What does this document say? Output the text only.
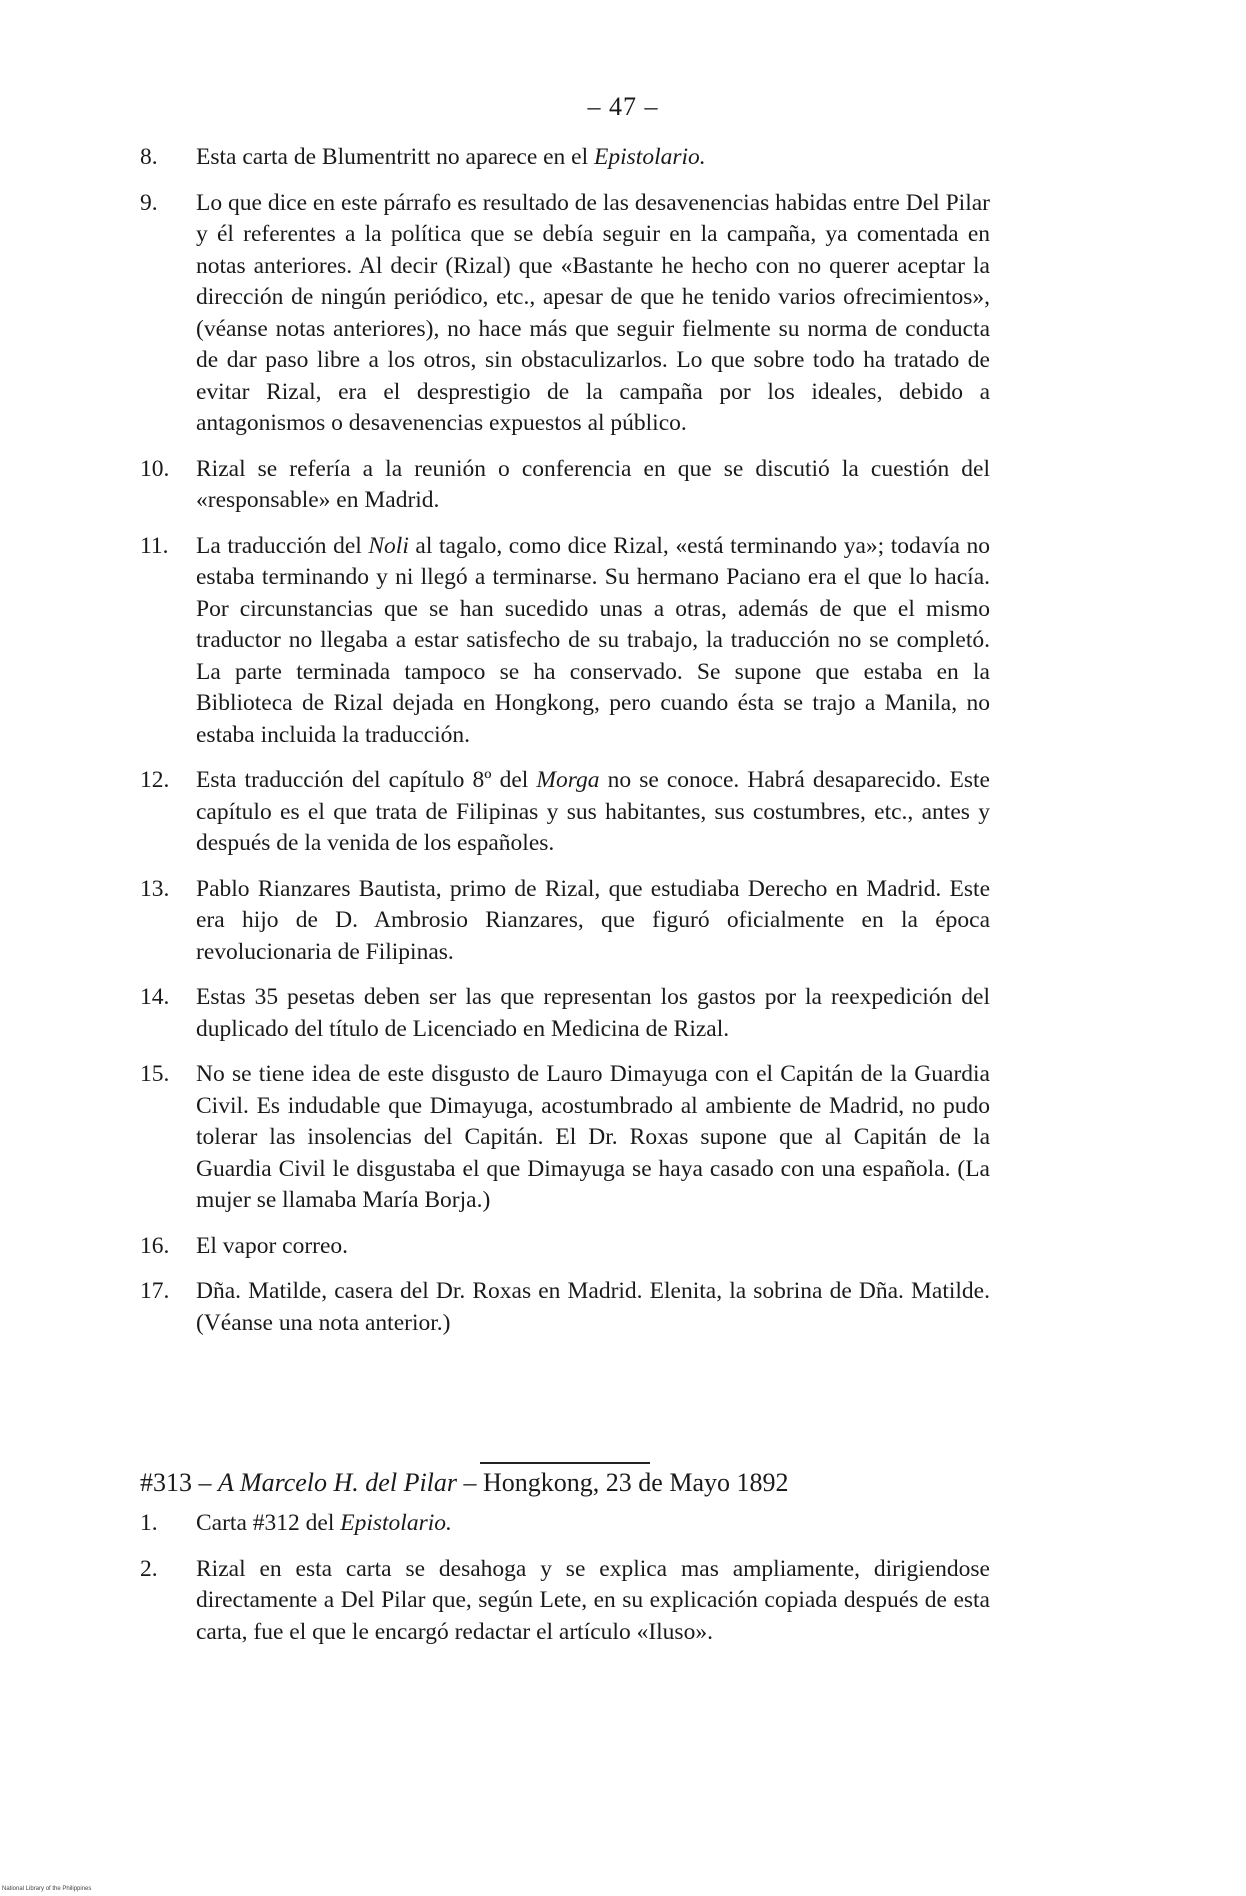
– 47 –
8.	Esta carta de Blumentritt no aparece en el Epistolario.
9.	Lo que dice en este párrafo es resultado de las desavenencias habidas entre Del Pilar y él referentes a la política que se debía seguir en la campaña, ya comentada en notas anteriores. Al decir (Rizal) que «Bastante he hecho con no querer aceptar la dirección de ningún periódico, etc., apesar de que he tenido varios ofrecimientos», (véanse notas anteriores), no hace más que seguir fielmente su norma de conducta de dar paso libre a los otros, sin obstaculizarlos. Lo que sobre todo ha tratado de evitar Rizal, era el desprestigio de la campaña por los ideales, debido a antagonismos o desavenencias expuestos al público.
10.	Rizal se refería a la reunión o conferencia en que se discutió la cuestión del «responsable» en Madrid.
11.	La traducción del Noli al tagalo, como dice Rizal, «está terminando ya»; todavía no estaba terminando y ni llegó a terminarse. Su hermano Paciano era el que lo hacía. Por circunstancias que se han sucedido unas a otras, además de que el mismo traductor no llegaba a estar satisfecho de su trabajo, la traducción no se completó. La parte terminada tampoco se ha conservado. Se supone que estaba en la Biblioteca de Rizal dejada en Hongkong, pero cuando ésta se trajo a Manila, no estaba incluida la traducción.
12.	Esta traducción del capítulo 8º del Morga no se conoce. Habrá desaparecido. Este capítulo es el que trata de Filipinas y sus habitantes, sus costumbres, etc., antes y después de la venida de los españoles.
13.	Pablo Rianzares Bautista, primo de Rizal, que estudiaba Derecho en Madrid. Este era hijo de D. Ambrosio Rianzares, que figuró oficialmente en la época revolucionaria de Filipinas.
14.	Estas 35 pesetas deben ser las que representan los gastos por la reexpedición del duplicado del título de Licenciado en Medicina de Rizal.
15.	No se tiene idea de este disgusto de Lauro Dimayuga con el Capitán de la Guardia Civil. Es indudable que Dimayuga, acostumbrado al ambiente de Madrid, no pudo tolerar las insolencias del Capitán. El Dr. Roxas supone que al Capitán de la Guardia Civil le disgustaba el que Dimayuga se haya casado con una española. (La mujer se llamaba María Borja.)
16.	El vapor correo.
17.	Dña. Matilde, casera del Dr. Roxas en Madrid. Elenita, la sobrina de Dña. Matilde. (Véanse una nota anterior.)
#313 – A Marcelo H. del Pilar – Hongkong, 23 de Mayo 1892
1.	Carta #312 del Epistolario.
2.	Rizal en esta carta se desahoga y se explica mas ampliamente, dirigiendose directamente a Del Pilar que, según Lete, en su explicación copiada después de esta carta, fue el que le encargó redactar el artículo «Iluso».
National Library of the Philippines
